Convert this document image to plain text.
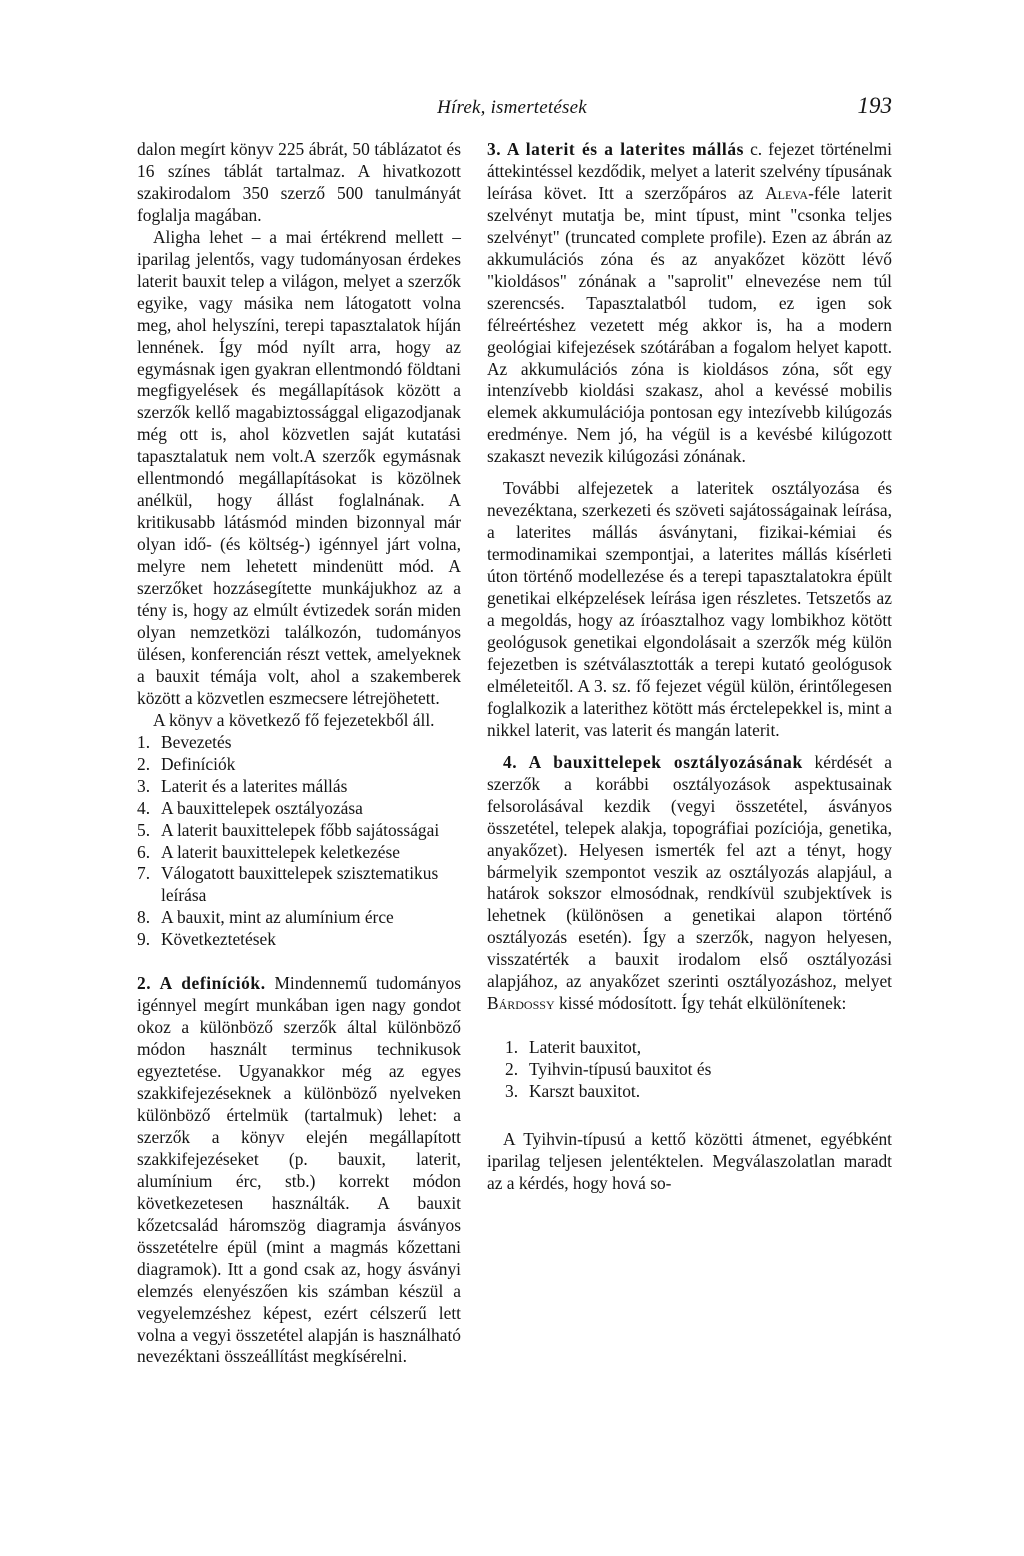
Hírek, ismertetések	193

dalon megírt könyv 225 ábrát, 50 táblázatot és 16 színes táblát tartalmaz. A hivatkozott szakirodalom 350 szerző 500 tanulmányát foglalja magában.

Aligha lehet – a mai értékrend mellett – iparilag jelentős, vagy tudományosan érdekes laterit bauxit telep a világon, melyet a szerzők egyike, vagy másika nem látogatott volna meg, ahol helyszíni, terepi tapasztalatok híján lennének. Így mód nyílt arra, hogy az egymásnak igen gyakran ellentmondó földtani megfigyelések és megállapítások között a szerzők kellő magabiztossággal eligazodjanak még ott is, ahol közvetlen saját kutatási tapasztalatuk nem volt.A szerzők egymásnak ellentmondó megállapításokat is közölnek anélkül, hogy állást foglalnának. A kritikusabb látásmód minden bizonnyal már olyan idő- (és költség-) igénnyel járt volna, melyre nem lehetett mindenütt mód. A szerzőket hozzásegítette munkájukhoz az a tény is, hogy az elmúlt évtizedek során miden olyan nemzetközi találkozón, tudományos ülésen, konferencián részt vettek, amelyeknek a bauxit témája volt, ahol a szakemberek között a közvetlen eszmecsere létrejöhetett.

A könyv a következő fő fejezetekből áll.

1. Bevezetés
2. Definíciók
3. Laterit és a laterites mállás
4. A bauxittelepek osztályozása
5. A laterit bauxittelepek főbb sajátosságai
6. A laterit bauxittelepek keletkezése
7. Válogatott bauxittelepek szisztematikus leírása
8. A bauxit, mint az alumínium érce
9. Következtetések

2. A definíciók. Mindennemű tudományos igénnyel megírt munkában igen nagy gondot okoz a különböző szerzők által különböző módon használt terminus technikusok egyeztetése. Ugyanakkor még az egyes szakkifejezéseknek a különböző nyelveken különböző értelmük (tartalmuk) lehet: a szerzők a könyv elején megállapított szakkifejezéseket (p. bauxit, laterit, alumínium érc, stb.) korrekt módon következetesen használták. A bauxit kőzetcsalád háromszög diagramja ásványos összetételre épül (mint a magmás kőzettani diagramok). Itt a gond csak az, hogy ásványi elemzés elenyészően kis számban készül a vegyelemzéshez képest, ezért célszerű lett volna a vegyi összetétel alapján is használható nevezéktani összeállítást megkísérelni.

3. A laterit és a laterites mállás c. fejezet történelmi áttekintéssel kezdődik, melyet a laterit szelvény típusának leírása követ. Itt a szerzőpáros az Aleva-féle laterit szelvényt mutatja be, mint típust, mint "csonka teljes szelvényt" (truncated complete profile). Ezen az ábrán az akkumulációs zóna és az anyakőzet között lévő "kioldásos" zónának a "saprolit" elnevezése nem túl szerencsés. Tapasztalatból tudom, ez igen sok félreértéshez vezetett még akkor is, ha a modern geológiai kifejezések szótárában a fogalom helyet kapott. Az akkumulációs zóna is kioldásos zóna, sőt egy intenzívebb kioldási szakasz, ahol a kevéssé mobilis elemek akkumulációja pontosan egy intezívebb kilúgozás eredménye. Nem jó, ha végül is a kevésbé kilúgozott szakaszt nevezik kilúgozási zónának.

További alfejezetek a lateritek osztályozása és nevezéktana, szerkezeti és szöveti sajátosságainak leírása, a laterites mállás ásványtani, fizikai-kémiai és termodinamikai szempontjai, a laterites mállás kísérleti úton történő modellezése és a terepi tapasztalatokra épült genetikai elképzelések leírása igen részletes. Tetszetős az a megoldás, hogy az íróasztalhoz vagy lombikhoz kötött geológusok genetikai elgondolásait a szerzők még külön fejezetben is szétválasztották a terepi kutató geológusok elméleteitől. A 3. sz. fő fejezet végül külön, érintőlegesen foglalkozik a laterithez kötött más érctelepekkel is, mint a nikkel laterit, vas laterit és mangán laterit.

4. A bauxittelepek osztályozásának kérdését a szerzők a korábbi osztályozások aspektusainak felsorolásával kezdik (vegyi összetétel, ásványos összetétel, telepek alakja, topográfiai pozíciója, genetika, anyakőzet). Helyesen ismerték fel azt a tényt, hogy bármelyik szempontot veszik az osztályozás alapjául, a határok sokszor elmosódnak, rendkívül szubjektívek is lehetnek (különösen a genetikai alapon történő osztályozás esetén). Így a szerzők, nagyon helyesen, visszatérték a bauxit irodalom első osztályozási alapjához, az anyakőzet szerinti osztályozáshoz, melyet Bárdossy kissé módosított. Így tehát elkülönítenek:

1. Laterit bauxitot,
2. Tyihvin-típusú bauxitot és
3. Karszt bauxitot.

A Tyihvin-típusú a kettő közötti átmenet, egyébként iparilag teljesen jelentéktelen. Megválaszolatlan maradt az a kérdés, hogy hová so-
